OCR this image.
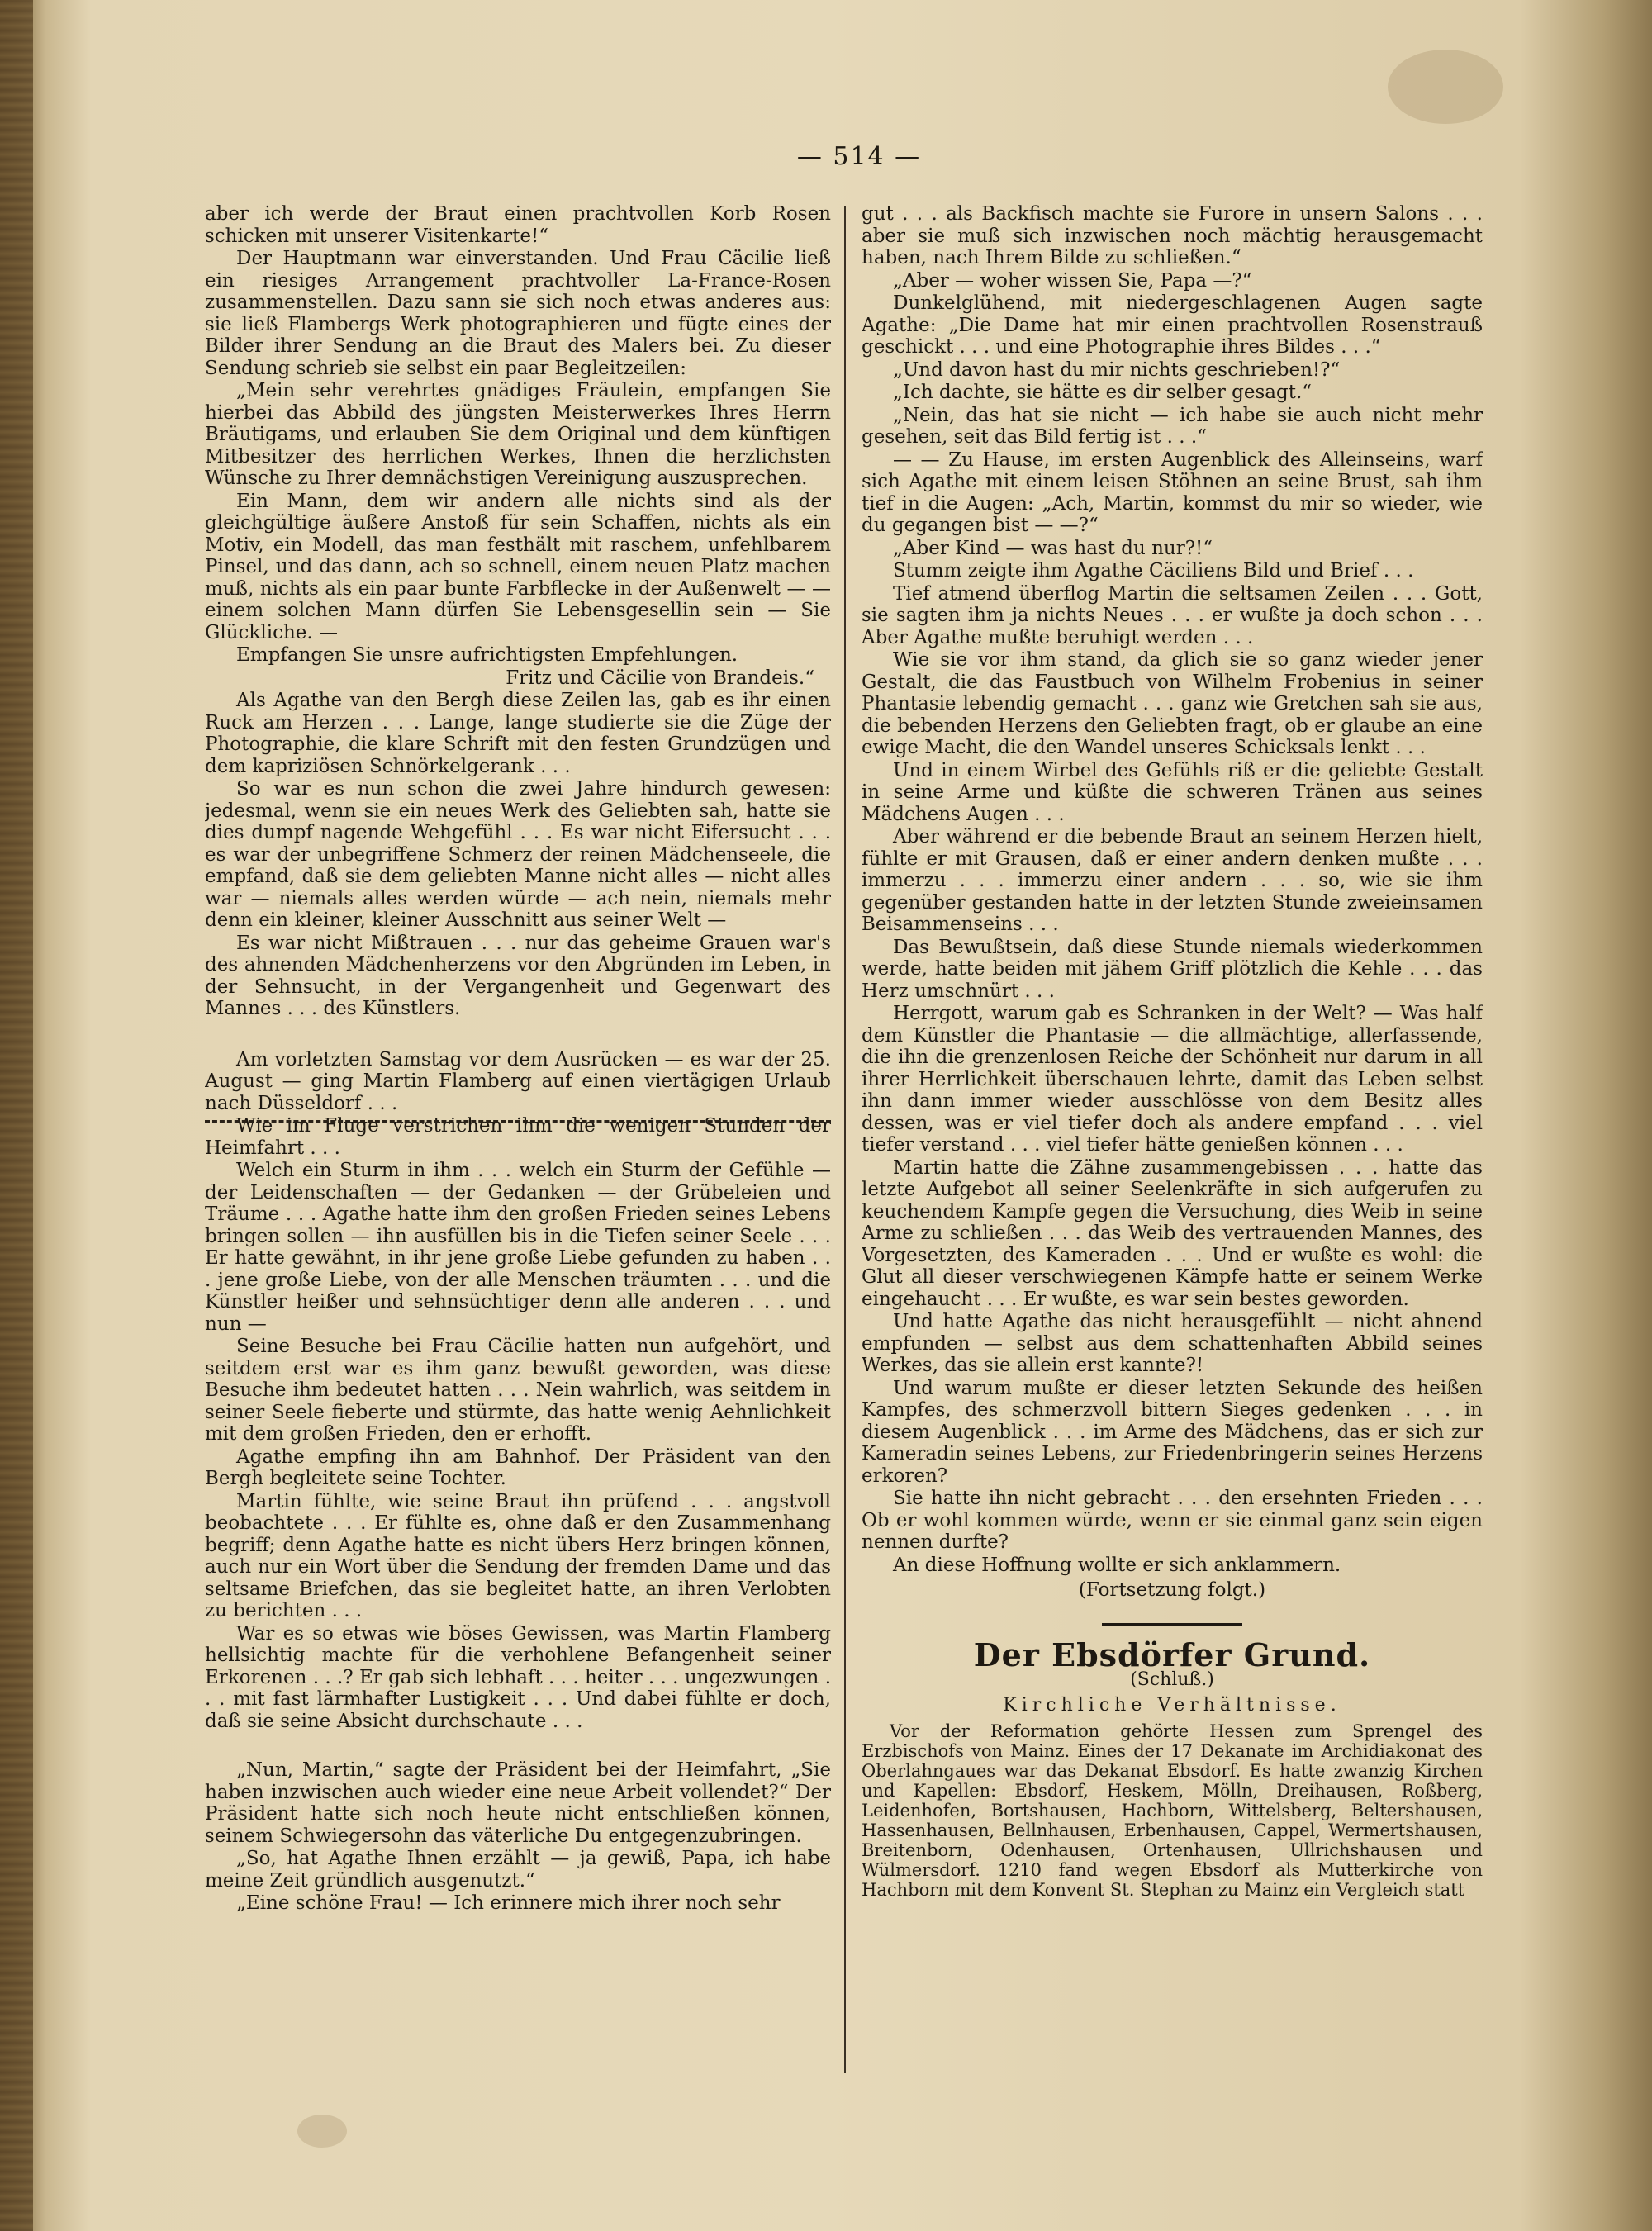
— 514 —

aber ich werde der Braut einen prachtvollen Korb Rosen schicken mit unserer Visitenkarte!“

Der Hauptmann war einverstanden. Und Frau Cäcilie ließ ein riesiges Arrangement prachtvoller La-France-Rosen zusammenstellen. Dazu sann sie sich noch etwas anderes aus: sie ließ Flambergs Werk photographieren und fügte eines der Bilder ihrer Sendung an die Braut des Malers bei. Zu dieser Sendung schrieb sie selbst ein paar Begleitzeilen:

„Mein sehr verehrtes gnädiges Fräulein, empfangen Sie hierbei das Abbild des jüngsten Meisterwerkes Ihres Herrn Bräutigams, und erlauben Sie dem Original und dem künftigen Mitbesitzer des herrlichen Werkes, Ihnen die herzlichsten Wünsche zu Ihrer demnächstigen Vereinigung auszusprechen.

Ein Mann, dem wir andern alle nichts sind als der gleichgültige äußere Anstoß für sein Schaffen, nichts als ein Motiv, ein Modell, das man festhält mit raschem, unfehlbarem Pinsel, und das dann, ach so schnell, einem neuen Platz machen muß, nichts als ein paar bunte Farbflecke in der Außenwelt — — einem solchen Mann dürfen Sie Lebensgesellin sein — Sie Glückliche. —

Empfangen Sie unsre aufrichtigsten Empfehlungen.

Fritz und Cäcilie von Brandeis.“

Als Agathe van den Bergh diese Zeilen las, gab es ihr einen Ruck am Herzen . . . Lange, lange studierte sie die Züge der Photographie, die klare Schrift mit den festen Grundzügen und dem kapriziösen Schnörkelgerank . . .

So war es nun schon die zwei Jahre hindurch gewesen: jedesmal, wenn sie ein neues Werk des Geliebten sah, hatte sie dies dumpf nagende Wehgefühl . . . Es war nicht Eifersucht . . . es war der unbegriffene Schmerz der reinen Mädchenseele, die empfand, daß sie dem geliebten Manne nicht alles — nicht alles war — niemals alles werden würde — ach nein, niemals mehr denn ein kleiner, kleiner Ausschnitt aus seiner Welt —

Es war nicht Mißtrauen . . . nur das geheime Grauen war's des ahnenden Mädchenherzens vor den Abgründen im Leben, in der Sehnsucht, in der Vergangenheit und Gegenwart des Mannes . . . des Künstlers.

Am vorletzten Samstag vor dem Ausrücken — es war der 25. August — ging Martin Flamberg auf einen viertägigen Urlaub nach Düsseldorf . . .

Wie im Fluge verstrichen ihm die wenigen Stunden der Heimfahrt . . .

Welch ein Sturm in ihm . . . welch ein Sturm der Gefühle — der Leidenschaften — der Gedanken — der Grübeleien und Träume . . . Agathe hatte ihm den großen Frieden seines Lebens bringen sollen — ihn ausfüllen bis in die Tiefen seiner Seele . . . Er hatte gewähnt, in ihr jene große Liebe gefunden zu haben . . . jene große Liebe, von der alle Menschen träumten . . . und die Künstler heißer und sehnsüchtiger denn alle anderen . . . und nun —

Seine Besuche bei Frau Cäcilie hatten nun aufgehört, und seitdem erst war es ihm ganz bewußt geworden, was diese Besuche ihm bedeutet hatten . . . Nein wahrlich, was seitdem in seiner Seele fieberte und stürmte, das hatte wenig Aehnlichkeit mit dem großen Frieden, den er erhofft.

Agathe empfing ihn am Bahnhof. Der Präsident van den Bergh begleitete seine Tochter.

Martin fühlte, wie seine Braut ihn prüfend . . . angstvoll beobachtete . . . Er fühlte es, ohne daß er den Zusammenhang begriff; denn Agathe hatte es nicht übers Herz bringen können, auch nur ein Wort über die Sendung der fremden Dame und das seltsame Briefchen, das sie begleitet hatte, an ihren Verlobten zu berichten . . .

War es so etwas wie böses Gewissen, was Martin Flamberg hellsichtig machte für die verhohlene Befangenheit seiner Erkorenen . . .? Er gab sich lebhaft . . . heiter . . . ungezwungen . . . mit fast lärmhafter Lustigkeit . . . Und dabei fühlte er doch, daß sie seine Absicht durchschaute . . .

„Nun, Martin,“ sagte der Präsident bei der Heimfahrt, „Sie haben inzwischen auch wieder eine neue Arbeit vollendet?“ Der Präsident hatte sich noch heute nicht entschließen können, seinem Schwiegersohn das väterliche Du entgegenzubringen.

„So, hat Agathe Ihnen erzählt — ja gewiß, Papa, ich habe meine Zeit gründlich ausgenutzt.“

„Eine schöne Frau! — Ich erinnere mich ihrer noch sehr

gut . . . als Backfisch machte sie Furore in unsern Salons . . . aber sie muß sich inzwischen noch mächtig herausgemacht haben, nach Ihrem Bilde zu schließen.“

„Aber — woher wissen Sie, Papa —?“

Dunkelglühend, mit niedergeschlagenen Augen sagte Agathe: „Die Dame hat mir einen prachtvollen Rosenstrauß geschickt . . . und eine Photographie ihres Bildes . . .“

„Und davon hast du mir nichts geschrieben!?“

„Ich dachte, sie hätte es dir selber gesagt.“

„Nein, das hat sie nicht — ich habe sie auch nicht mehr gesehen, seit das Bild fertig ist . . .“

— — Zu Hause, im ersten Augenblick des Alleinseins, warf sich Agathe mit einem leisen Stöhnen an seine Brust, sah ihm tief in die Augen: „Ach, Martin, kommst du mir so wieder, wie du gegangen bist — —?“

„Aber Kind — was hast du nur?!“

Stumm zeigte ihm Agathe Cäciliens Bild und Brief . . .

Tief atmend überflog Martin die seltsamen Zeilen . . . Gott, sie sagten ihm ja nichts Neues . . . er wußte ja doch schon . . . Aber Agathe mußte beruhigt werden . . .

Wie sie vor ihm stand, da glich sie so ganz wieder jener Gestalt, die das Faustbuch von Wilhelm Frobenius in seiner Phantasie lebendig gemacht . . . ganz wie Gretchen sah sie aus, die bebenden Herzens den Geliebten fragt, ob er glaube an eine ewige Macht, die den Wandel unseres Schicksals lenkt . . .

Und in einem Wirbel des Gefühls riß er die geliebte Gestalt in seine Arme und küßte die schweren Tränen aus seines Mädchens Augen . . .

Aber während er die bebende Braut an seinem Herzen hielt, fühlte er mit Grausen, daß er einer andern denken mußte . . . immerzu . . . immerzu einer andern . . . so, wie sie ihm gegenüber gestanden hatte in der letzten Stunde zweieinsamen Beisammenseins . . .

Das Bewußtsein, daß diese Stunde niemals wiederkommen werde, hatte beiden mit jähem Griff plötzlich die Kehle . . . das Herz umschnürt . . .

Herrgott, warum gab es Schranken in der Welt? — Was half dem Künstler die Phantasie — die allmächtige, allerfassende, die ihn die grenzenlosen Reiche der Schönheit nur darum in all ihrer Herrlichkeit überschauen lehrte, damit das Leben selbst ihn dann immer wieder ausschlösse von dem Besitz alles dessen, was er viel tiefer doch als andere empfand . . . viel tiefer verstand . . . viel tiefer hätte genießen können . . .

Martin hatte die Zähne zusammengebissen . . . hatte das letzte Aufgebot all seiner Seelenkräfte in sich aufgerufen zu keuchendem Kampfe gegen die Versuchung, dies Weib in seine Arme zu schließen . . . das Weib des vertrauenden Mannes, des Vorgesetzten, des Kameraden . . . Und er wußte es wohl: die Glut all dieser verschwiegenen Kämpfe hatte er seinem Werke eingehaucht . . . Er wußte, es war sein bestes geworden.

Und hatte Agathe das nicht herausgefühlt — nicht ahnend empfunden — selbst aus dem schattenhaften Abbild seines Werkes, das sie allein erst kannte?!

Und warum mußte er dieser letzten Sekunde des heißen Kampfes, des schmerzvoll bittern Sieges gedenken . . . in diesem Augenblick . . . im Arme des Mädchens, das er sich zur Kameradin seines Lebens, zur Friedenbringerin seines Herzens erkoren?

Sie hatte ihn nicht gebracht . . . den ersehnten Frieden . . . Ob er wohl kommen würde, wenn er sie einmal ganz sein eigen nennen durfte?

An diese Hoffnung wollte er sich anklammern.

(Fortsetzung folgt.)

Der Ebsdörfer Grund.
(Schluß.)
Kirchliche Verhältnisse.

Vor der Reformation gehörte Hessen zum Sprengel des Erzbischofs von Mainz. Eines der 17 Dekanate im Archidiakonat des Oberlahngaues war das Dekanat Ebsdorf. Es hatte zwanzig Kirchen und Kapellen: Ebsdorf, Heskem, Mölln, Dreihausen, Roßberg, Leidenhofen, Bortshausen, Hachborn, Wittelsberg, Beltershausen, Hassenhausen, Bellnhausen, Erbenhausen, Cappel, Wermertshausen, Breitenborn, Odenhausen, Ortenhausen, Ullrichshausen und Wülmersdorf. 1210 fand wegen Ebsdorf als Mutterkirche von Hachborn mit dem Konvent St. Stephan zu Mainz ein Vergleich statt
